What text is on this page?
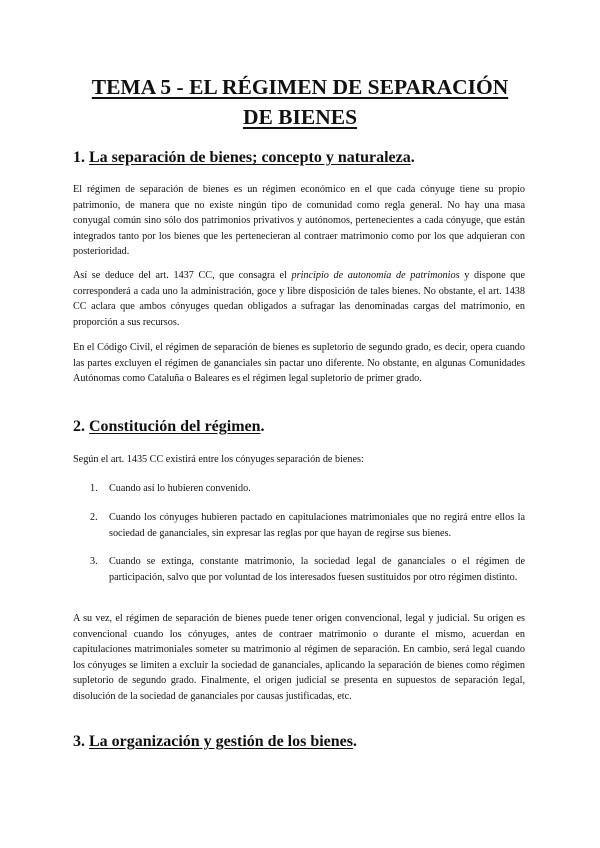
TEMA 5 - EL RÉGIMEN DE SEPARACIÓN
DE BIENES
1. La separación de bienes; concepto y naturaleza.

El régimen de separación de bienes es un régimen económico en el que cada cónyuge tiene su propio patrimonio, de manera que no existe ningún tipo de comunidad como regla general. No hay una masa conyugal común sino sólo dos patrimonios privativos y autónomos, pertenecientes a cada cónyuge, que están integrados tanto por los bienes que les pertenecieran al contraer matrimonio como por los que adquieran con posterioridad.

Así se deduce del art. 1437 CC, que consagra el principio de autonomía de patrimonios y dispone que corresponderá a cada uno la administración, goce y libre disposición de tales bienes. No obstante, el art. 1438 CC aclara que ambos cónyuges quedan obligados a sufragar las denominadas cargas del matrimonio, en proporción a sus recursos.

En el Código Civil, el régimen de separación de bienes es supletorio de segundo grado, es decir, opera cuando las partes excluyen el régimen de gananciales sin pactar uno diferente. No obstante, en algunas Comunidades Autónomas como Cataluña o Baleares es el régimen legal supletorio de primer grado.

2. Constitución del régimen.

Según el art. 1435 CC existirá entre los cónyuges separación de bienes:

1. Cuando así lo hubieren convenido.
2. Cuando los cónyuges hubieren pactado en capitulaciones matrimoniales que no regirá entre ellos la sociedad de gananciales, sin expresar las reglas por que hayan de regirse sus bienes.
3. Cuando se extinga, constante matrimonio, la sociedad legal de gananciales o el régimen de participación, salvo que por voluntad de los interesados fuesen sustituidos por otro régimen distinto.

A su vez, el régimen de separación de bienes puede tener origen convencional, legal y judicial. Su origen es convencional cuando los cónyuges, antes de contraer matrimonio o durante el mismo, acuerdan en capitulaciones matrimoniales someter su matrimonio al régimen de separación. En cambio, será legal cuando los cónyuges se limiten a excluir la sociedad de gananciales, aplicando la separación de bienes como régimen supletorio de segundo grado. Finalmente, el origen judicial se presenta en supuestos de separación legal, disolución de la sociedad de gananciales por causas justificadas, etc.

3. La organización y gestión de los bienes.
